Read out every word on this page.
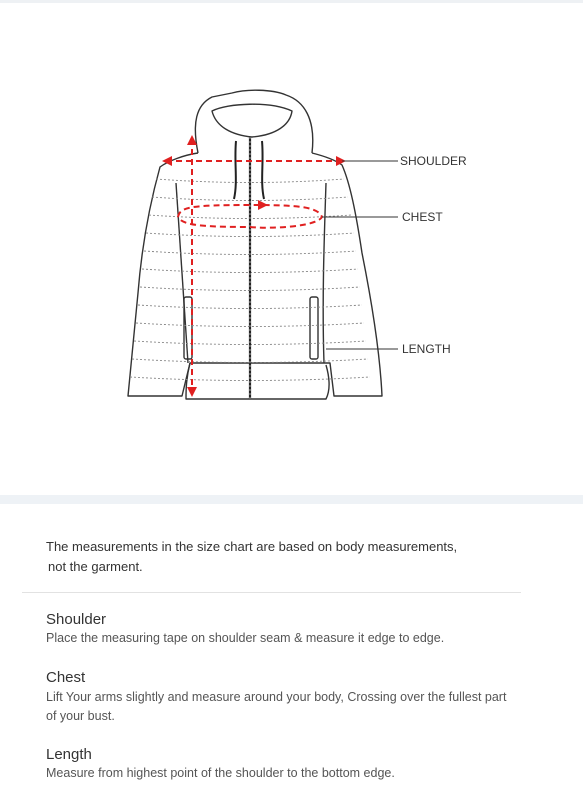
SHOULDER
CHEST
LENGTH
The measurements in the size chart are based on body measurements,
not the garment.
Shoulder
Place the measuring tape on shoulder seam & measure it edge to edge.
Chest
Lift Your arms slightly and measure around your body, Crossing over the fullest part of your bust.
Length
Measure from highest point of the shoulder to the bottom edge.
